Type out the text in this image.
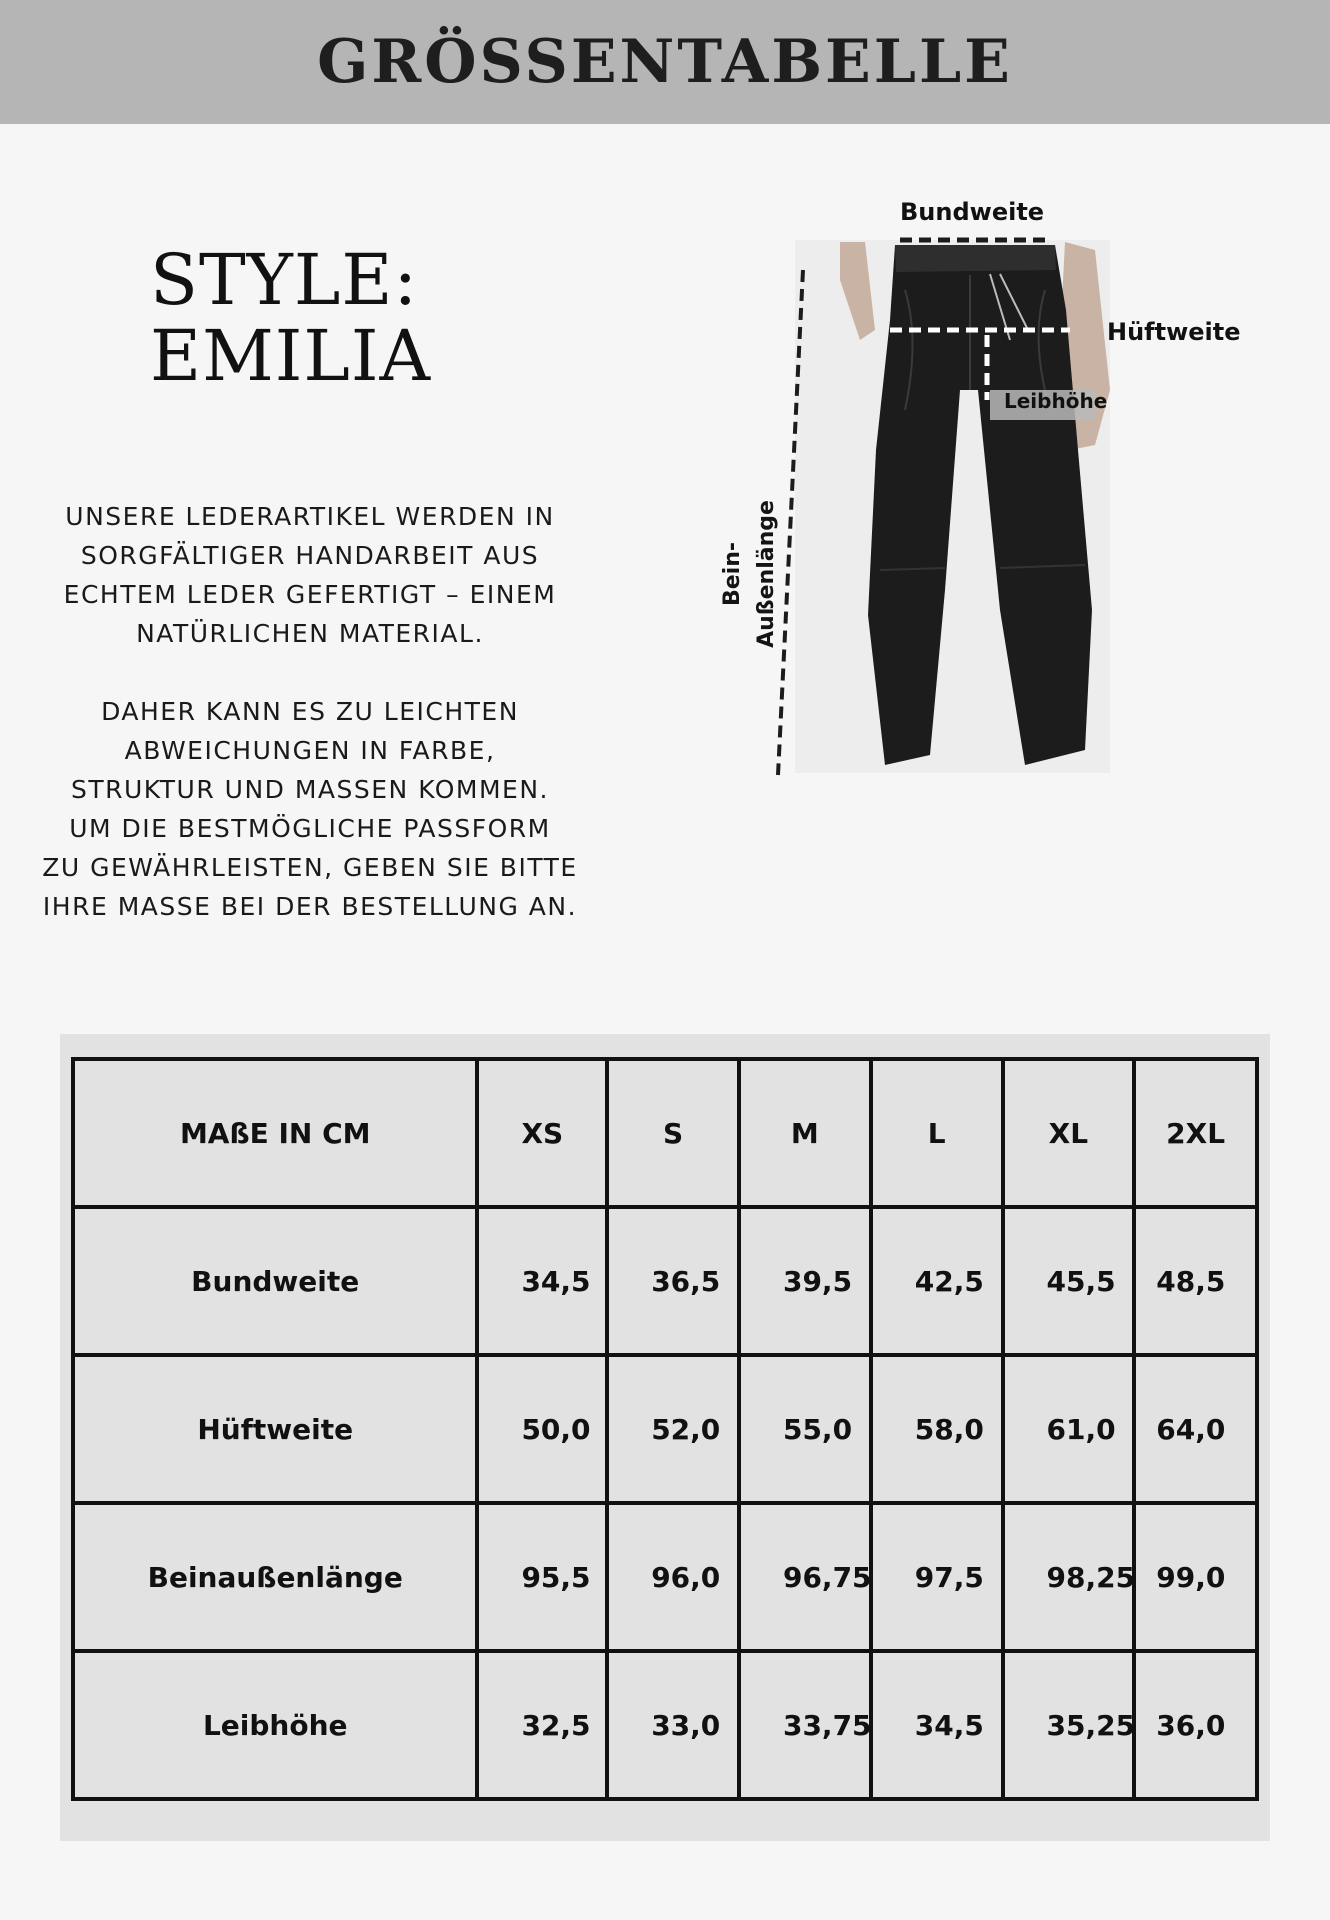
GRÖSSENTABELLE
STYLE:
EMILIA
UNSERE LEDERARTIKEL WERDEN IN
SORGFÄLTIGER HANDARBEIT AUS
ECHTEM LEDER GEFERTIGT – EINEM
NATÜRLICHEN MATERIAL.
DAHER KANN ES ZU LEICHTEN
ABWEICHUNGEN IN FARBE,
STRUKTUR UND MASSEN KOMMEN.
UM DIE BESTMÖGLICHE PASSFORM
ZU GEWÄHRLEISTEN, GEBEN SIE BITTE
IHRE MASSE BEI DER BESTELLUNG AN.
Bundweite
Hüftweite
Leibhöhe
Bein- Außenlänge
MAßE IN CM	XS	S	M	L	XL	2XL
Bundweite	34,5	36,5	39,5	42,5	45,5	48,5
Hüftweite	50,0	52,0	55,0	58,0	61,0	64,0
Beinaußenlänge	95,5	96,0	96,75	97,5	98,25	99,0
Leibhöhe	32,5	33,0	33,75	34,5	35,25	36,0
